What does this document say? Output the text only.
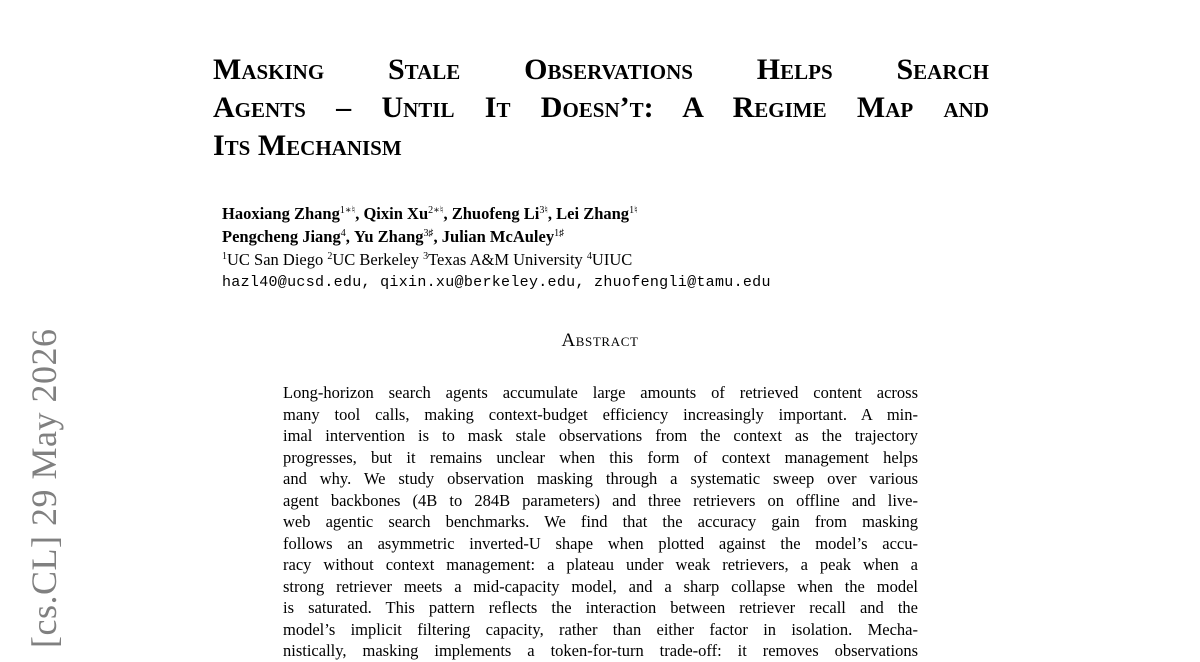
[cs.CL] 29 May 2026
Masking Stale Observations Helps Search
Agents – Until It Doesn’t: A Regime Map and
Its Mechanism
Haoxiang Zhang$^{1∗♮}$, Qixin $Xu^{2∗♮}$, Zhuofeng $Li^{3♮}$, Lei Zhang$^{1♮}$
Pengcheng Jiang$^4$, Yu Zhang$^{3♯}$, Julian McAuley$^{1♯}$
$^1$UC San Diego $^2$UC Berkeley $^3$Texas A&M University $^4$UIUC
hazl40@ucsd.edu, qixin.xu@berkeley.edu, zhuofengli@tamu.edu
Abstract
Long-horizon search agents accumulate large amounts of retrieved content across
many tool calls, making context-budget efficiency increasingly important. A min-
imal intervention is to mask stale observations from the context as the trajectory
progresses, but it remains unclear when this form of context management helps
and why. We study observation masking through a systematic sweep over various
agent backbones (4B to 284B parameters) and three retrievers on offline and live-
web agentic search benchmarks. We find that the accuracy gain from masking
follows an asymmetric inverted-U shape when plotted against the model’s accu-
racy without context management: a plateau under weak retrievers, a peak when a
strong retriever meets a mid-capacity model, and a sharp collapse when the model
is saturated. This pattern reflects the interaction between retriever recall and the
model’s implicit filtering capacity, rather than either factor in isolation. Mecha-
nistically, masking implements a token-for-turn trade-off: it removes observations
